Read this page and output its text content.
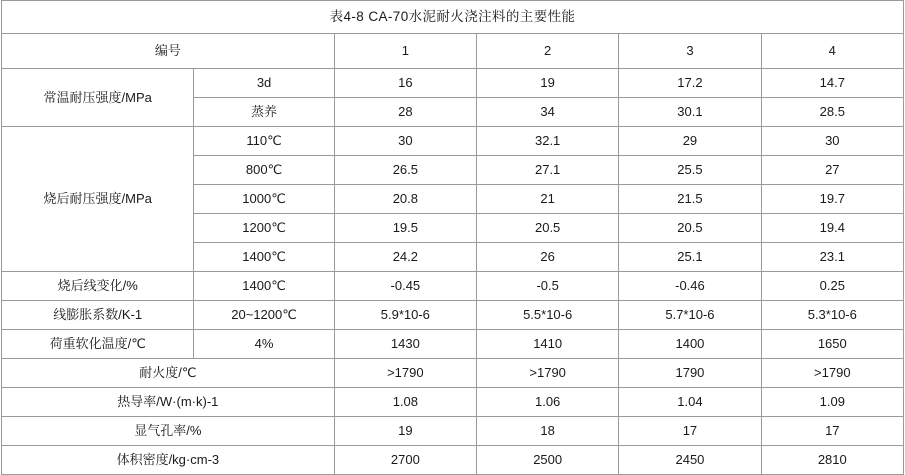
表4-8 CA-70水泥耐火浇注料的主要性能					
编号		1	2	3	4
常温耐压强度/MPa	3d	16	19	17.2	14.7
	蒸养	28	34	30.1	28.5
烧后耐压强度/MPa	110℃	30	32.1	29	30
	800℃	26.5	27.1	25.5	27
	1000℃	20.8	21	21.5	19.7
	1200℃	19.5	20.5	20.5	19.4
	1400℃	24.2	26	25.1	23.1
烧后线变化/%	1400℃	-0.45	-0.5	-0.46	0.25
线膨胀系数/K-1	20~1200℃	5.9*10-6	5.5*10-6	5.7*10-6	5.3*10-6
荷重软化温度/℃	4%	1430	1410	1400	1650
耐火度/℃		>1790	>1790	1790	>1790
热导率/W·(m·k)-1		1.08	1.06	1.04	1.09
显气孔率/%		19	18	17	17
体积密度/kg·cm-3		2700	2500	2450	2810
